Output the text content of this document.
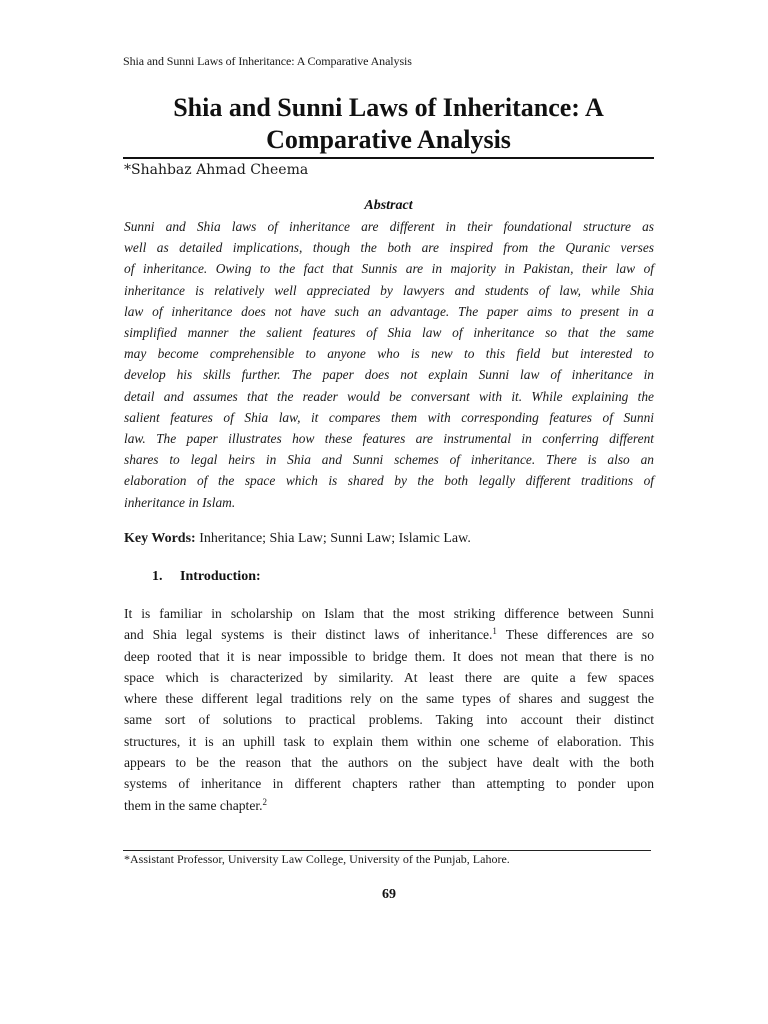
Shia and Sunni Laws of Inheritance: A Comparative Analysis
Shia and Sunni Laws of Inheritance: A
Comparative Analysis
*Shahbaz Ahmad Cheema
Abstract
Sunni and Shia laws of inheritance are different in their foundational structure as
well as detailed implications, though the both are inspired from the Quranic verses
of inheritance. Owing to the fact that Sunnis are in majority in Pakistan, their law of
inheritance is relatively well appreciated by lawyers and students of law, while Shia
law of inheritance does not have such an advantage. The paper aims to present in a
simplified manner the salient features of Shia law of inheritance so that the same
may become comprehensible to anyone who is new to this field but interested to
develop his skills further. The paper does not explain Sunni law of inheritance in
detail and assumes that the reader would be conversant with it. While explaining the
salient features of Shia law, it compares them with corresponding features of Sunni
law. The paper illustrates how these features are instrumental in conferring different
shares to legal heirs in Shia and Sunni schemes of inheritance. There is also an
elaboration of the space which is shared by the both legally different traditions of
inheritance in Islam.
Key Words: Inheritance; Shia Law; Sunni Law; Islamic Law.
1. Introduction:
It is familiar in scholarship on Islam that the most striking difference between Sunni
and Shia legal systems is their distinct laws of inheritance.$^1$ These differences are so
deep rooted that it is near impossible to bridge them. It does not mean that there is no
space which is characterized by similarity. At least there are quite a few spaces
where these different legal traditions rely on the same types of shares and suggest the
same sort of solutions to practical problems. Taking into account their distinct
structures, it is an uphill task to explain them within one scheme of elaboration. This
appears to be the reason that the authors on the subject have dealt with the both
systems of inheritance in different chapters rather than attempting to ponder upon
them in the same chapter.$^2$
*Assistant Professor, University Law College, University of the Punjab, Lahore.
69
